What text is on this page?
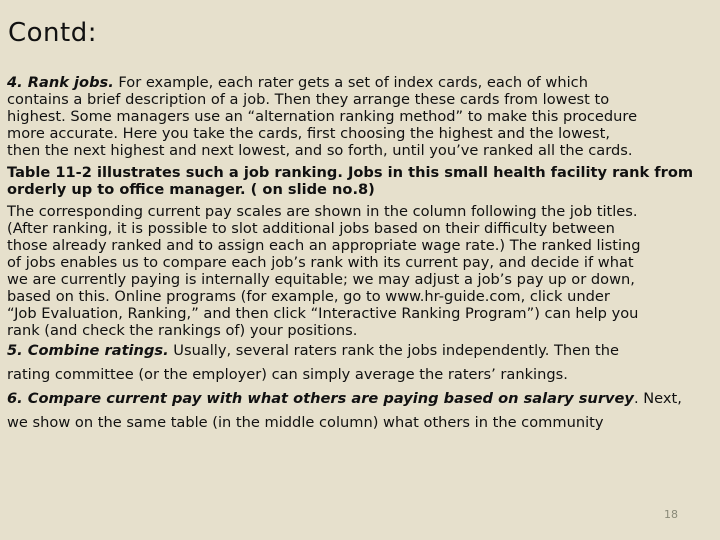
Contd:

4. Rank jobs. For example, each rater gets a set of index cards, each of which

contains a brief description of a job. Then they arrange these cards from lowest to

highest. Some managers use an “alternation ranking method” to make this procedure

more accurate. Here you take the cards, first choosing the highest and the lowest,

then the next highest and next lowest, and so forth, until you’ve ranked all the cards.

Table 11-2 illustrates such a job ranking. Jobs in this small health facility rank from

orderly up to office manager. ( on slide no.8)

The corresponding current pay scales are shown in the column following the job titles.

(After ranking, it is possible to slot additional jobs based on their difficulty between

those already ranked and to assign each an appropriate wage rate.) The ranked listing

of jobs enables us to compare each job’s rank with its current pay, and decide if what

we are currently paying is internally equitable; we may adjust a job’s pay up or down,

based on this. Online programs (for example, go to www.hr-guide.com, click under

“Job Evaluation, Ranking,” and then click “Interactive Ranking Program”) can help you

rank (and check the rankings of) your positions.

5. Combine ratings. Usually, several raters rank the jobs independently. Then the

rating committee (or the employer) can simply average the raters’ rankings.

6. Compare current pay with what others are paying based on salary survey. Next,

we show on the same table (in the middle column) what others in the community

18
